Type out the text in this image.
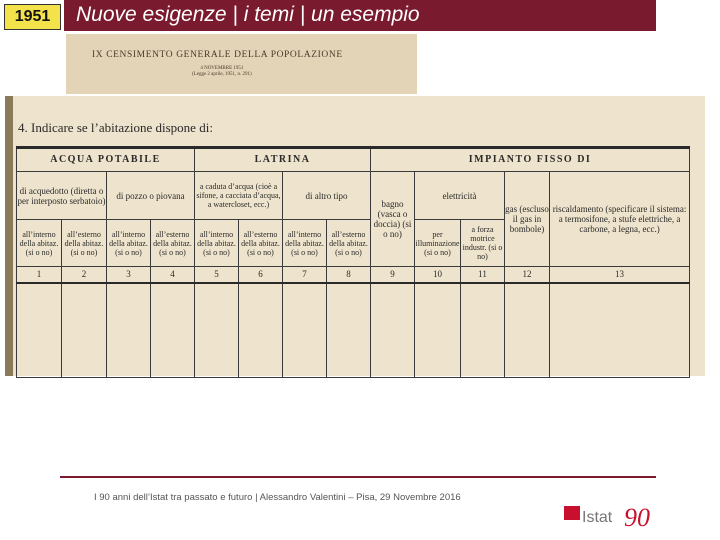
1951	Nuove esigenze | i temi | un esempio
IX CENSIMENTO GENERALE DELLA POPOLAZIONE
4 NOVEMBRE 1951
(Legge 2 aprile, 1951, n. 291)
4. Indicare se l’abitazione dispone di:
ACQUA POTABILE				LATRINA				IMPIANTO FISSO DI				
di acquedotto (diretta o per interposto serbatoio)		di pozzo o piovana		a caduta d’acqua (cioè a sifone, a cacciata d’acqua, a watercloset, ecc.)		di altro tipo		bagno (vasca o doccia) (si o no)	elettricità		gas (escluso il gas in bombole)	riscaldamento (specificare il sistema: a termosifone, a stufe elettriche, a carbone, a legna, ecc.)
all’interno della abitaz. (si o no)	all’esterno della abitaz. (si o no)	all’interno della abitaz. (si o no)	all’esterno della abitaz. (si o no)	all’interno della abitaz. (si o no)	all’esterno della abitaz. (si o no)	all’interno della abitaz. (si o no)	all’esterno della abitaz. (si o no)		per illuminazione (si o no)	a forza motrice industr. (si o no)		
1	2	3	4	5	6	7	8	9	10	11	12	13

I 90 anni dell’Istat tra passato e futuro | Alessandro Valentini – Pisa, 29 Novembre 2016
Istat 90
